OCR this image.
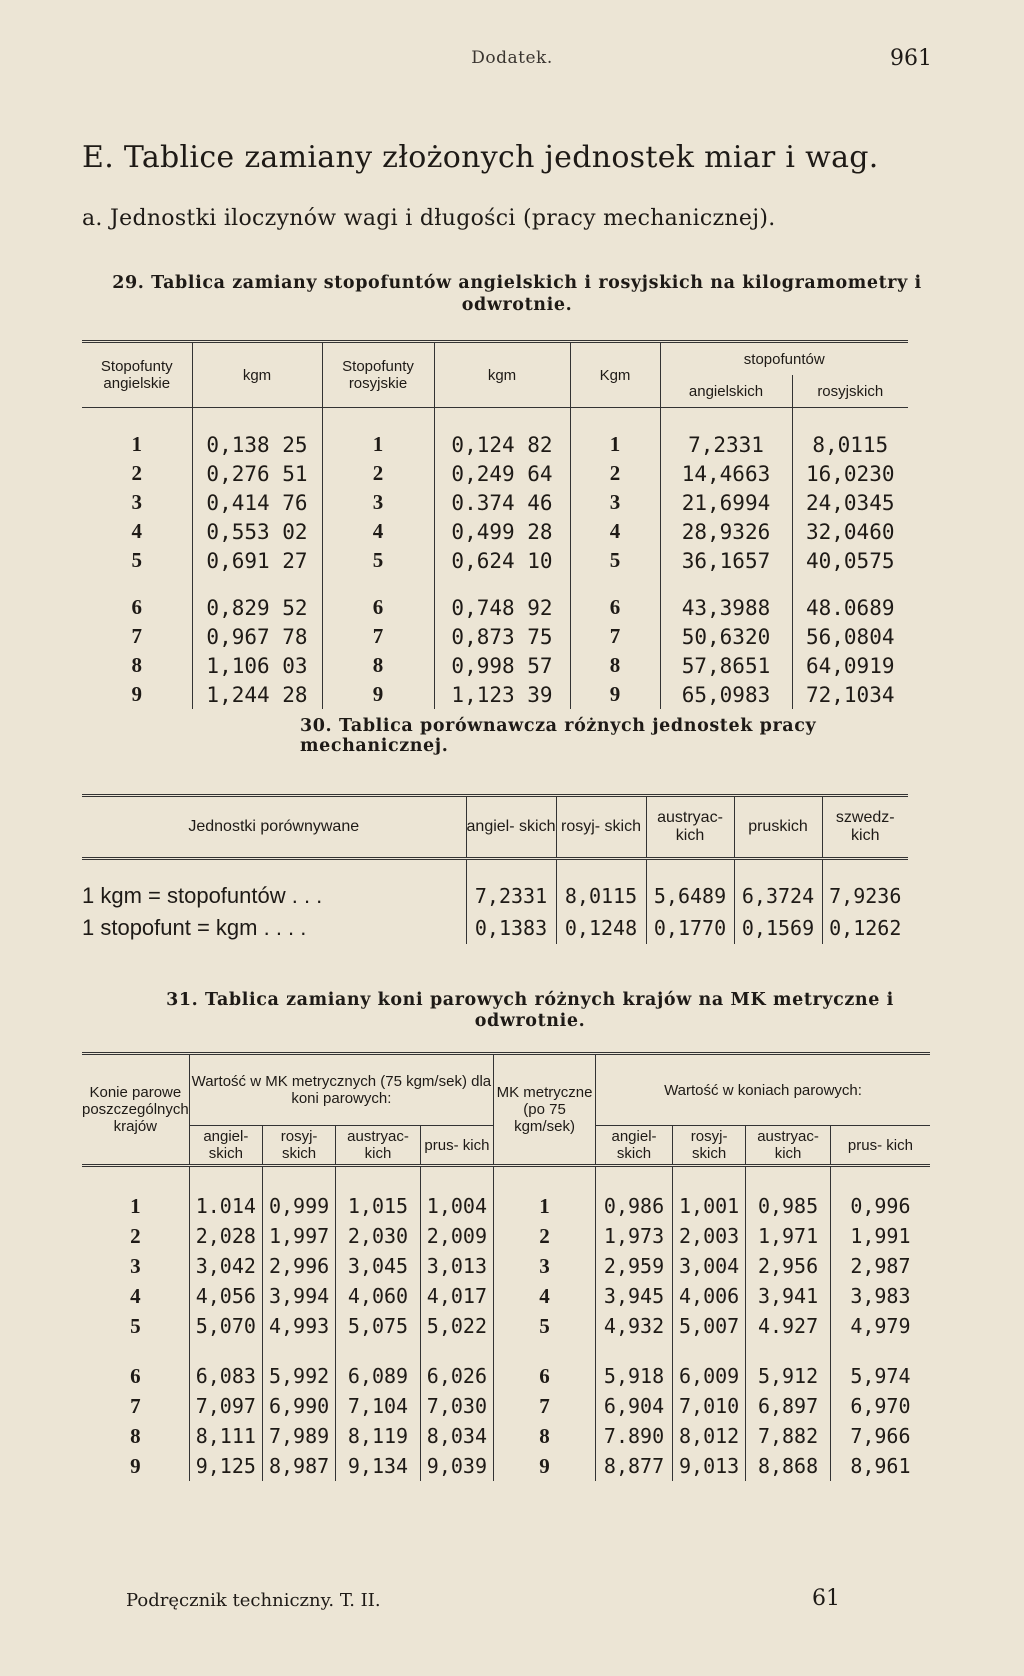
Dodatek.	961
E. Tablice zamiany złożonych jednostek miar i wag.
a. Jednostki iloczynów wagi i długości (pracy mechanicznej).
29. Tablica zamiany stopofuntów angielskich i rosyjskich na kilogramometry i odwrotnie.
Stopofunty angielskie	kgm	Stopofunty rosyjskie	kgm	Kgm	stopofuntów	
					angielskich	rosyjskich
1	0,138 25	1	0,124 82	1	7,2331	8,0115
2	0,276 51	2	0,249 64	2	14,4663	16,0230
3	0,414 76	3	0.374 46	3	21,6994	24,0345
4	0,553 02	4	0,499 28	4	28,9326	32,0460
5	0,691 27	5	0,624 10	5	36,1657	40,0575
6	0,829 52	6	0,748 92	6	43,3988	48.0689
7	0,967 78	7	0,873 75	7	50,6320	56,0804
8	1,106 03	8	0,998 57	8	57,8651	64,0919
9	1,244 28	9	1,123 39	9	65,0983	72,1034
30. Tablica porównawcza różnych jednostek pracy mechanicznej.
Jednostki porównywane	angiel- skich	rosyj- skich	austryac- kich	pruskich	szwedz- kich
1 kgm = stopofuntów . . .	7,2331	8,0115	5,6489	6,3724	7,9236
1 stopofunt = kgm . . . .	0,1383	0,1248	0,1770	0,1569	0,1262
31. Tablica zamiany koni parowych różnych krajów na MK metryczne i odwrotnie.
Konie parowe poszczególnych krajów	Wartość w MK metrycznych (75 kgm/sek) dla koni parowych:				MK metryczne (po 75 kgm/sek)	Wartość w koniach parowych:			
	angiel- skich	rosyj- skich	austryac- kich	prus- kich		angiel- skich	rosyj- skich	austryac- kich	prus- kich
1	1.014	0,999	1,015	1,004	1	0,986	1,001	0,985	0,996
2	2,028	1,997	2,030	2,009	2	1,973	2,003	1,971	1,991
3	3,042	2,996	3,045	3,013	3	2,959	3,004	2,956	2,987
4	4,056	3,994	4,060	4,017	4	3,945	4,006	3,941	3,983
5	5,070	4,993	5,075	5,022	5	4,932	5,007	4.927	4,979
6	6,083	5,992	6,089	6,026	6	5,918	6,009	5,912	5,974
7	7,097	6,990	7,104	7,030	7	6,904	7,010	6,897	6,970
8	8,111	7,989	8,119	8,034	8	7.890	8,012	7,882	7,966
9	9,125	8,987	9,134	9,039	9	8,877	9,013	8,868	8,961
Podręcznik techniczny. T. II.	61
